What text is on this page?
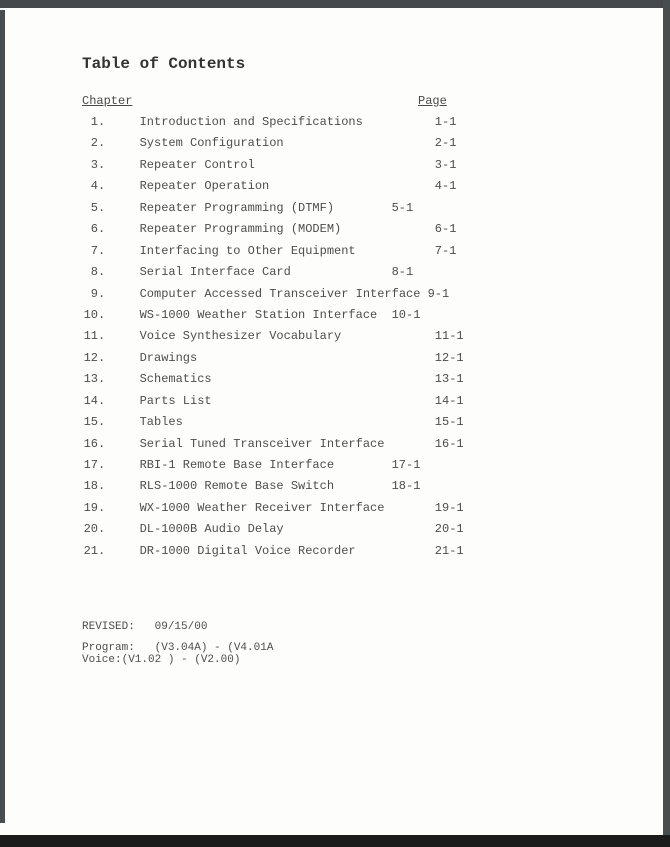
Table of Contents
Chapter	Page
1.	Introduction and Specifications	1-1
2.	System Configuration	2-1
3.	Repeater Control	3-1
4.	Repeater Operation	4-1
5.	Repeater Programming (DTMF)	5-1
6.	Repeater Programming (MODEM)	6-1
7.	Interfacing to Other Equipment	7-1
8.	Serial Interface Card	8-1
9.	Computer Accessed Transceiver Interface 9-1
10.	WS-1000 Weather Station Interface 10-1
11.	Voice Synthesizer Vocabulary	11-1
12.	Drawings	12-1
13.	Schematics	13-1
14.	Parts List	14-1
15.	Tables	15-1
16.	Serial Tuned Transceiver Interface	16-1
17.	RBI-1 Remote Base Interface	17-1
18.	RLS-1000 Remote Base Switch	18-1
19.	WX-1000 Weather Receiver Interface	19-1
20.	DL-1000B Audio Delay	20-1
21.	DR-1000 Digital Voice Recorder	21-1
REVISED:   09/15/00
Program:   (V3.04A) - (V4.01A
Voice:(V1.02 ) - (V2.00)
